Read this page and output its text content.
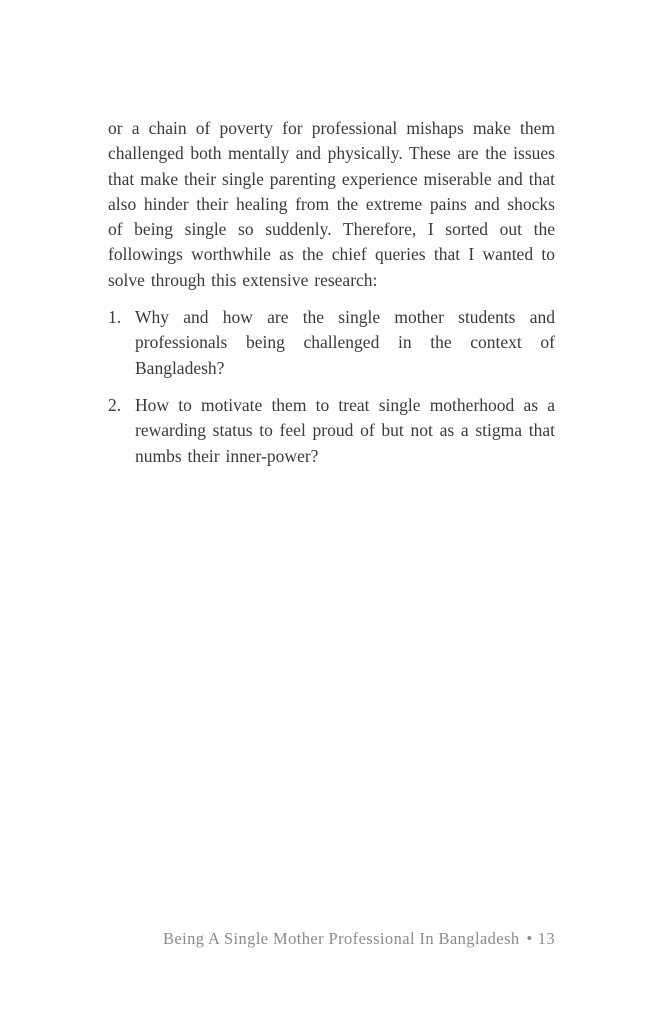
or a chain of poverty for professional mishaps make them challenged both mentally and physically. These are the issues that make their single parenting experience miserable and that also hinder their healing from the extreme pains and shocks of being single so suddenly. Therefore, I sorted out the followings worthwhile as the chief queries that I wanted to solve through this extensive research:

1. Why and how are the single mother students and professionals being challenged in the context of Bangladesh?
2. How to motivate them to treat single motherhood as a rewarding status to feel proud of but not as a stigma that numbs their inner-power?
Being A Single Mother Professional In Bangladesh • 13
